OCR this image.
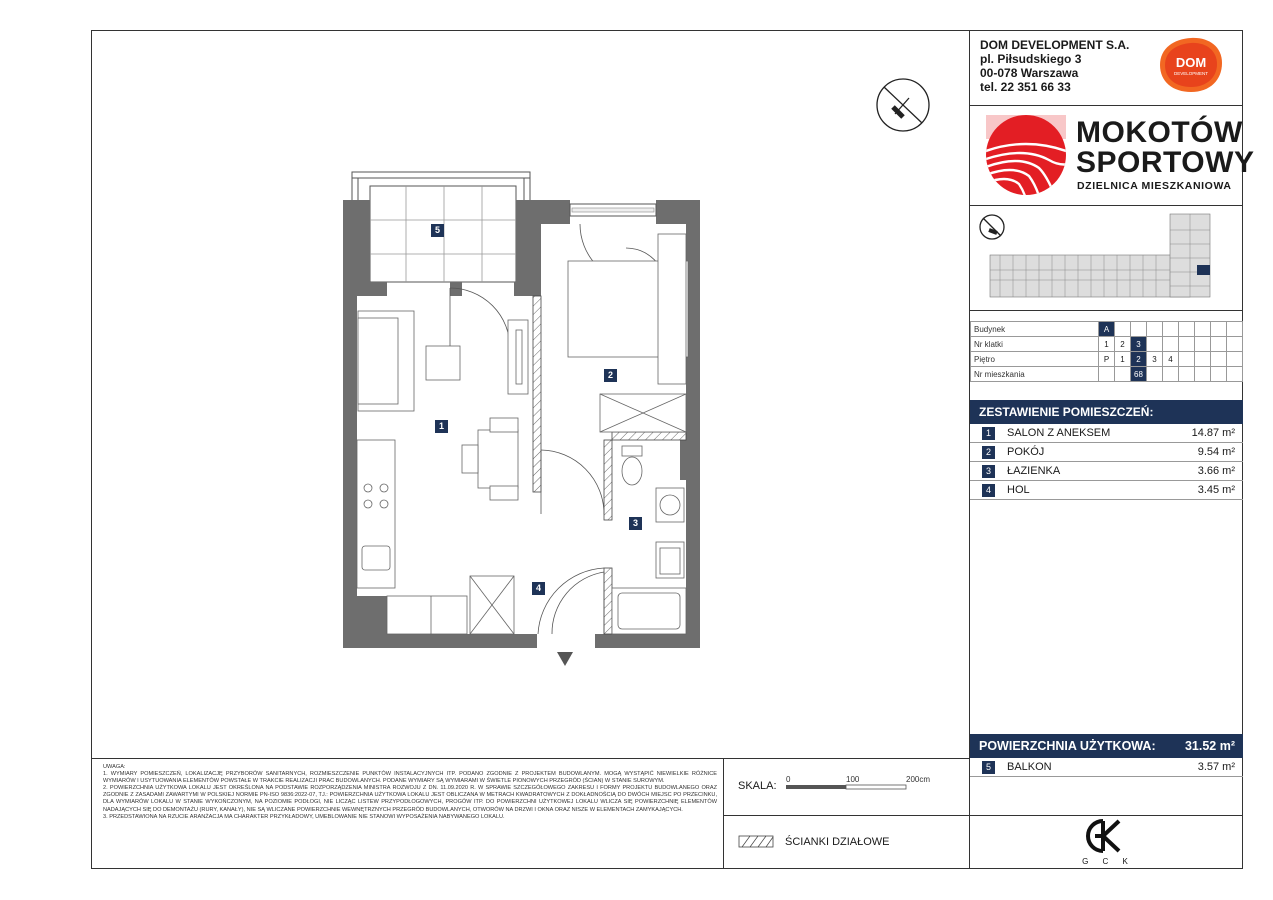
DOM DEVELOPMENT S.A.
pl. Piłsudskiego 3
00-078 Warszawa
tel. 22 351 66 33
DOM
DEVELOPMENT
MOKOTÓW
SPORTOWY
DZIELNICA MIESZKANIOWA
Budynek	A								
Nr klatki	1	2	3						
Piętro	P	1	2	3	4				
Nr mieszkania			68						
ZESTAWIENIE POMIESZCZEŃ:
1	SALON Z ANEKSEM	14.87 m²
2	POKÓJ	9.54 m²
3	ŁAZIENKA	3.66 m²
4	HOL	3.45 m²
POWIERZCHNIA UŻYTKOWA: 31.52 m²
5	BALKON	3.57 m²
G C K

UWAGA:

1. WYMIARY POMIESZCZEŃ, LOKALIZACJĘ PRZYBORÓW SANITARNYCH, ROZMIESZCZENIE PUNKTÓW INSTALACYJNYCH ITP. PODANO ZGODNIE Z PROJEKTEM BUDOWLANYM. MOGĄ WYSTĄPIĆ NIEWIELKIE RÓŻNICE WYMIARÓW I USYTUOWANIA ELEMENTÓW POWSTAŁE W TRAKCIE REALIZACJI PRAC BUDOWLANYCH. PODANE WYMIARY SĄ WYMIARAMI W ŚWIETLE PIONOWYCH PRZEGRÓD (ŚCIAN) W STANIE SUROWYM.

2. POWIERZCHNIA UŻYTKOWA LOKALU JEST OKREŚLONA NA PODSTAWIE ROZPORZĄDZENIA MINISTRA ROZWOJU Z DN. 11.09.2020 R. W SPRAWIE SZCZEGÓŁOWEGO ZAKRESU I FORMY PROJEKTU BUDOWLANEGO ORAZ ZGODNIE Z ZASADAMI ZAWARTYMI W POLSKIEJ NORMIE PN-ISO 9836:2022-07, TJ.: POWIERZCHNIA UŻYTKOWA LOKALU JEST OBLICZANA W METRACH KWADRATOWYCH Z DOKŁADNOŚCIĄ DO DWÓCH MIEJSC PO PRZECINKU, DLA WYMIARÓW LOKALU W STANIE WYKOŃCZONYM, NA POZIOMIE PODŁOGI, NIE LICZĄC LISTEW PRZYPODŁOGOWYCH, PROGÓW ITP. DO POWIERZCHNI UŻYTKOWEJ LOKALU WLICZA SIĘ POWIERZCHNIĘ ELEMENTÓW NADAJĄCYCH SIĘ DO DEMONTAŻU (RURY, KANAŁY), NIE SĄ WLICZANE POWIERZCHNIE WEWNĘTRZNYCH PRZEGRÓD BUDOWLANYCH, OTWORÓW NA DRZWI I OKNA ORAZ NISZE W ELEMENTACH ZAMYKAJĄCYCH.

3. PRZEDSTAWIONA NA RZUCIE ARANŻACJA MA CHARAKTER PRZYKŁADOWY, UMEBLOWANIE NIE STANOWI WYPOSAŻENIA NABYWANEGO LOKALU.

SKALA:
0	100	200cm
ŚCIANKI DZIAŁOWE
5
1
2
3
4
